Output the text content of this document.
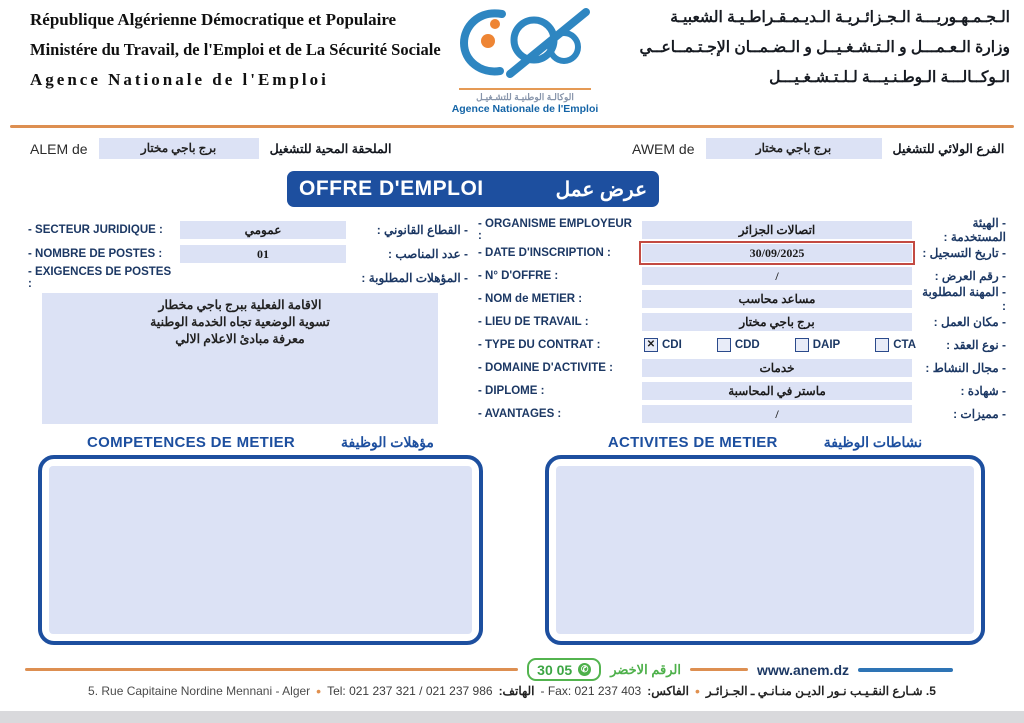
République Algérienne Démocratique et Populaire
Ministére du Travail, de l'Emploi et de La Sécurité Sociale
Agence Nationale de l'Emploi
الوكالـة الوطنيـة للتشـغيـل
Agence Nationale de l'Emploi
الـجـمـهـوريـــة الـجـزائـريـة الـديـمـقـراطـيـة الشعبيـة
وزارة الـعـمـــل و الـتـشـغـيــل و الـضـمــان الإجـتـمــاعــي
الـوكــالـــة الـوطـنـيـــة لـلـتـشـغـيـــل
ALEM de	برج باجي مختار	الملحقة المحية للتشغيل	AWEM de	برج باجي مختار	الفرع الولائي للتشغيل
OFFRE D'EMPLOI	عرض عمل
- SECTEUR JURIDIQUE :	عمومي	- القطاع القانوني :
- NOMBRE DE POSTES :	01	- عدد المناصب :
- EXIGENCES DE POSTES :	- المؤهلات المطلوبة :
الاقامة الفعلية ببرج باجي مخطار
تسوية الوضعية تجاه الخدمة الوطنية
معرفة مبادئ الاعلام الالي
- ORGANISME EMPLOYEUR :	اتصالات الجزائر	- الهيئة المستخدمة :
- DATE D'INSCRIPTION :	30/09/2025	- تاريخ التسجيل :
- N° D'OFFRE :	/	- رقم العرض :
- NOM de METIER :	مساعد محاسب	- المهنة المطلوبة :
- LIEU DE TRAVAIL :	برج باجي مختار	- مكان العمل :
- TYPE DU CONTRAT :	✕ CDI	CDD	DAIP	CTA	- نوع العقد :
- DOMAINE D'ACTIVITE :	خدمات	- مجال النشاط :
- DIPLOME :	ماستر في المحاسبة	- شهادة :
- AVANTAGES :	/	- مميزات :
COMPETENCES DE METIER	مؤهلات الوظيفة	ACTIVITES DE METIER	نشاطات الوظيفة
30 05 ✆ الرقم الاخضر	www.anem.dz
5. Rue Capitaine Nordine Mennani - Alger • Tel: 021 237 321 / 021 237 986 الهاتف: - Fax: 021 237 403 الفاكس: • 5. شـارع النقـيـب نـور الديـن منـانـي ـ الجـزائـر
